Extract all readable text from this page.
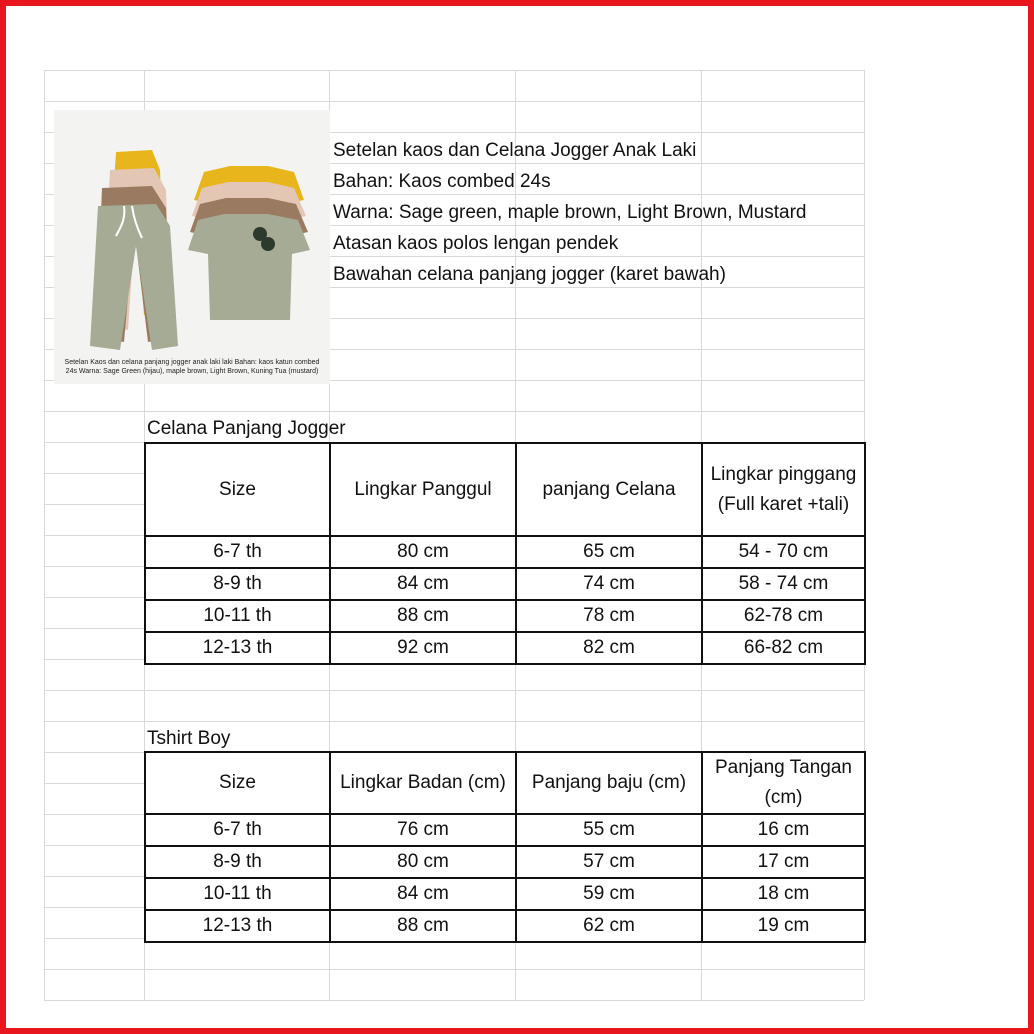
Setelan Kaos dan celana panjang jogger anak laki laki Bahan: kaos katun combed 24s Warna: Sage Green (hijau), maple brown, Light Brown, Kuning Tua (mustard)
Setelan kaos dan Celana Jogger Anak Laki
Bahan: Kaos combed 24s
Warna: Sage green, maple brown, Light Brown, Mustard
Atasan kaos polos lengan pendek
Bawahan celana panjang jogger (karet bawah)
Celana Panjang Jogger
Size	Lingkar Panggul	panjang Celana	Lingkar pinggang (Full karet +tali)
6-7 th	80 cm	65 cm	54 - 70 cm
8-9 th	84 cm	74 cm	58 - 74 cm
10-11 th	88 cm	78 cm	62-78 cm
12-13 th	92 cm	82 cm	66-82 cm
Tshirt Boy
Size	Lingkar Badan (cm)	Panjang baju (cm)	Panjang Tangan (cm)
6-7 th	76 cm	55 cm	16 cm
8-9 th	80 cm	57 cm	17 cm
10-11 th	84 cm	59 cm	18 cm
12-13 th	88 cm	62 cm	19 cm
